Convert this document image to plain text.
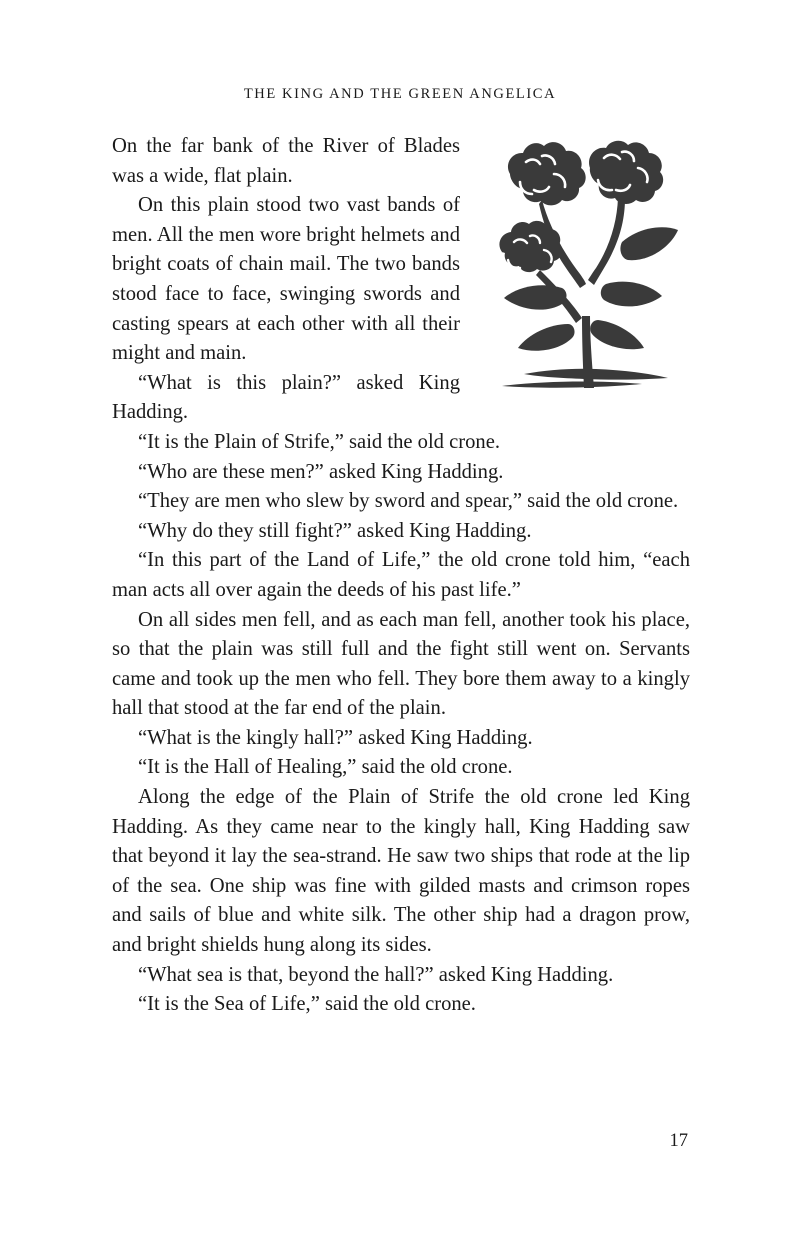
THE KING AND THE GREEN ANGELICA

On the far bank of the River of Blades was a wide, flat plain.

On this plain stood two vast bands of men. All the men wore bright helmets and bright coats of chain mail. The two bands stood face to face, swinging swords and casting spears at each other with all their might and main.

“What is this plain?” asked King Hadding.

“It is the Plain of Strife,” said the old crone.

“Who are these men?” asked King Hadding.

“They are men who slew by sword and spear,” said the old crone.

“Why do they still fight?” asked King Hadding.

“In this part of the Land of Life,” the old crone told him, “each man acts all over again the deeds of his past life.”

On all sides men fell, and as each man fell, another took his place, so that the plain was still full and the fight still went on. Servants came and took up the men who fell. They bore them away to a kingly hall that stood at the far end of the plain.

“What is the kingly hall?” asked King Hadding.

“It is the Hall of Healing,” said the old crone.

Along the edge of the Plain of Strife the old crone led King Hadding. As they came near to the kingly hall, King Hadding saw that beyond it lay the sea-strand. He saw two ships that rode at the lip of the sea. One ship was fine with gilded masts and crimson ropes and sails of blue and white silk. The other ship had a dragon prow, and bright shields hung along its sides.

“What sea is that, beyond the hall?” asked King Hadding.

“It is the Sea of Life,” said the old crone.

17
